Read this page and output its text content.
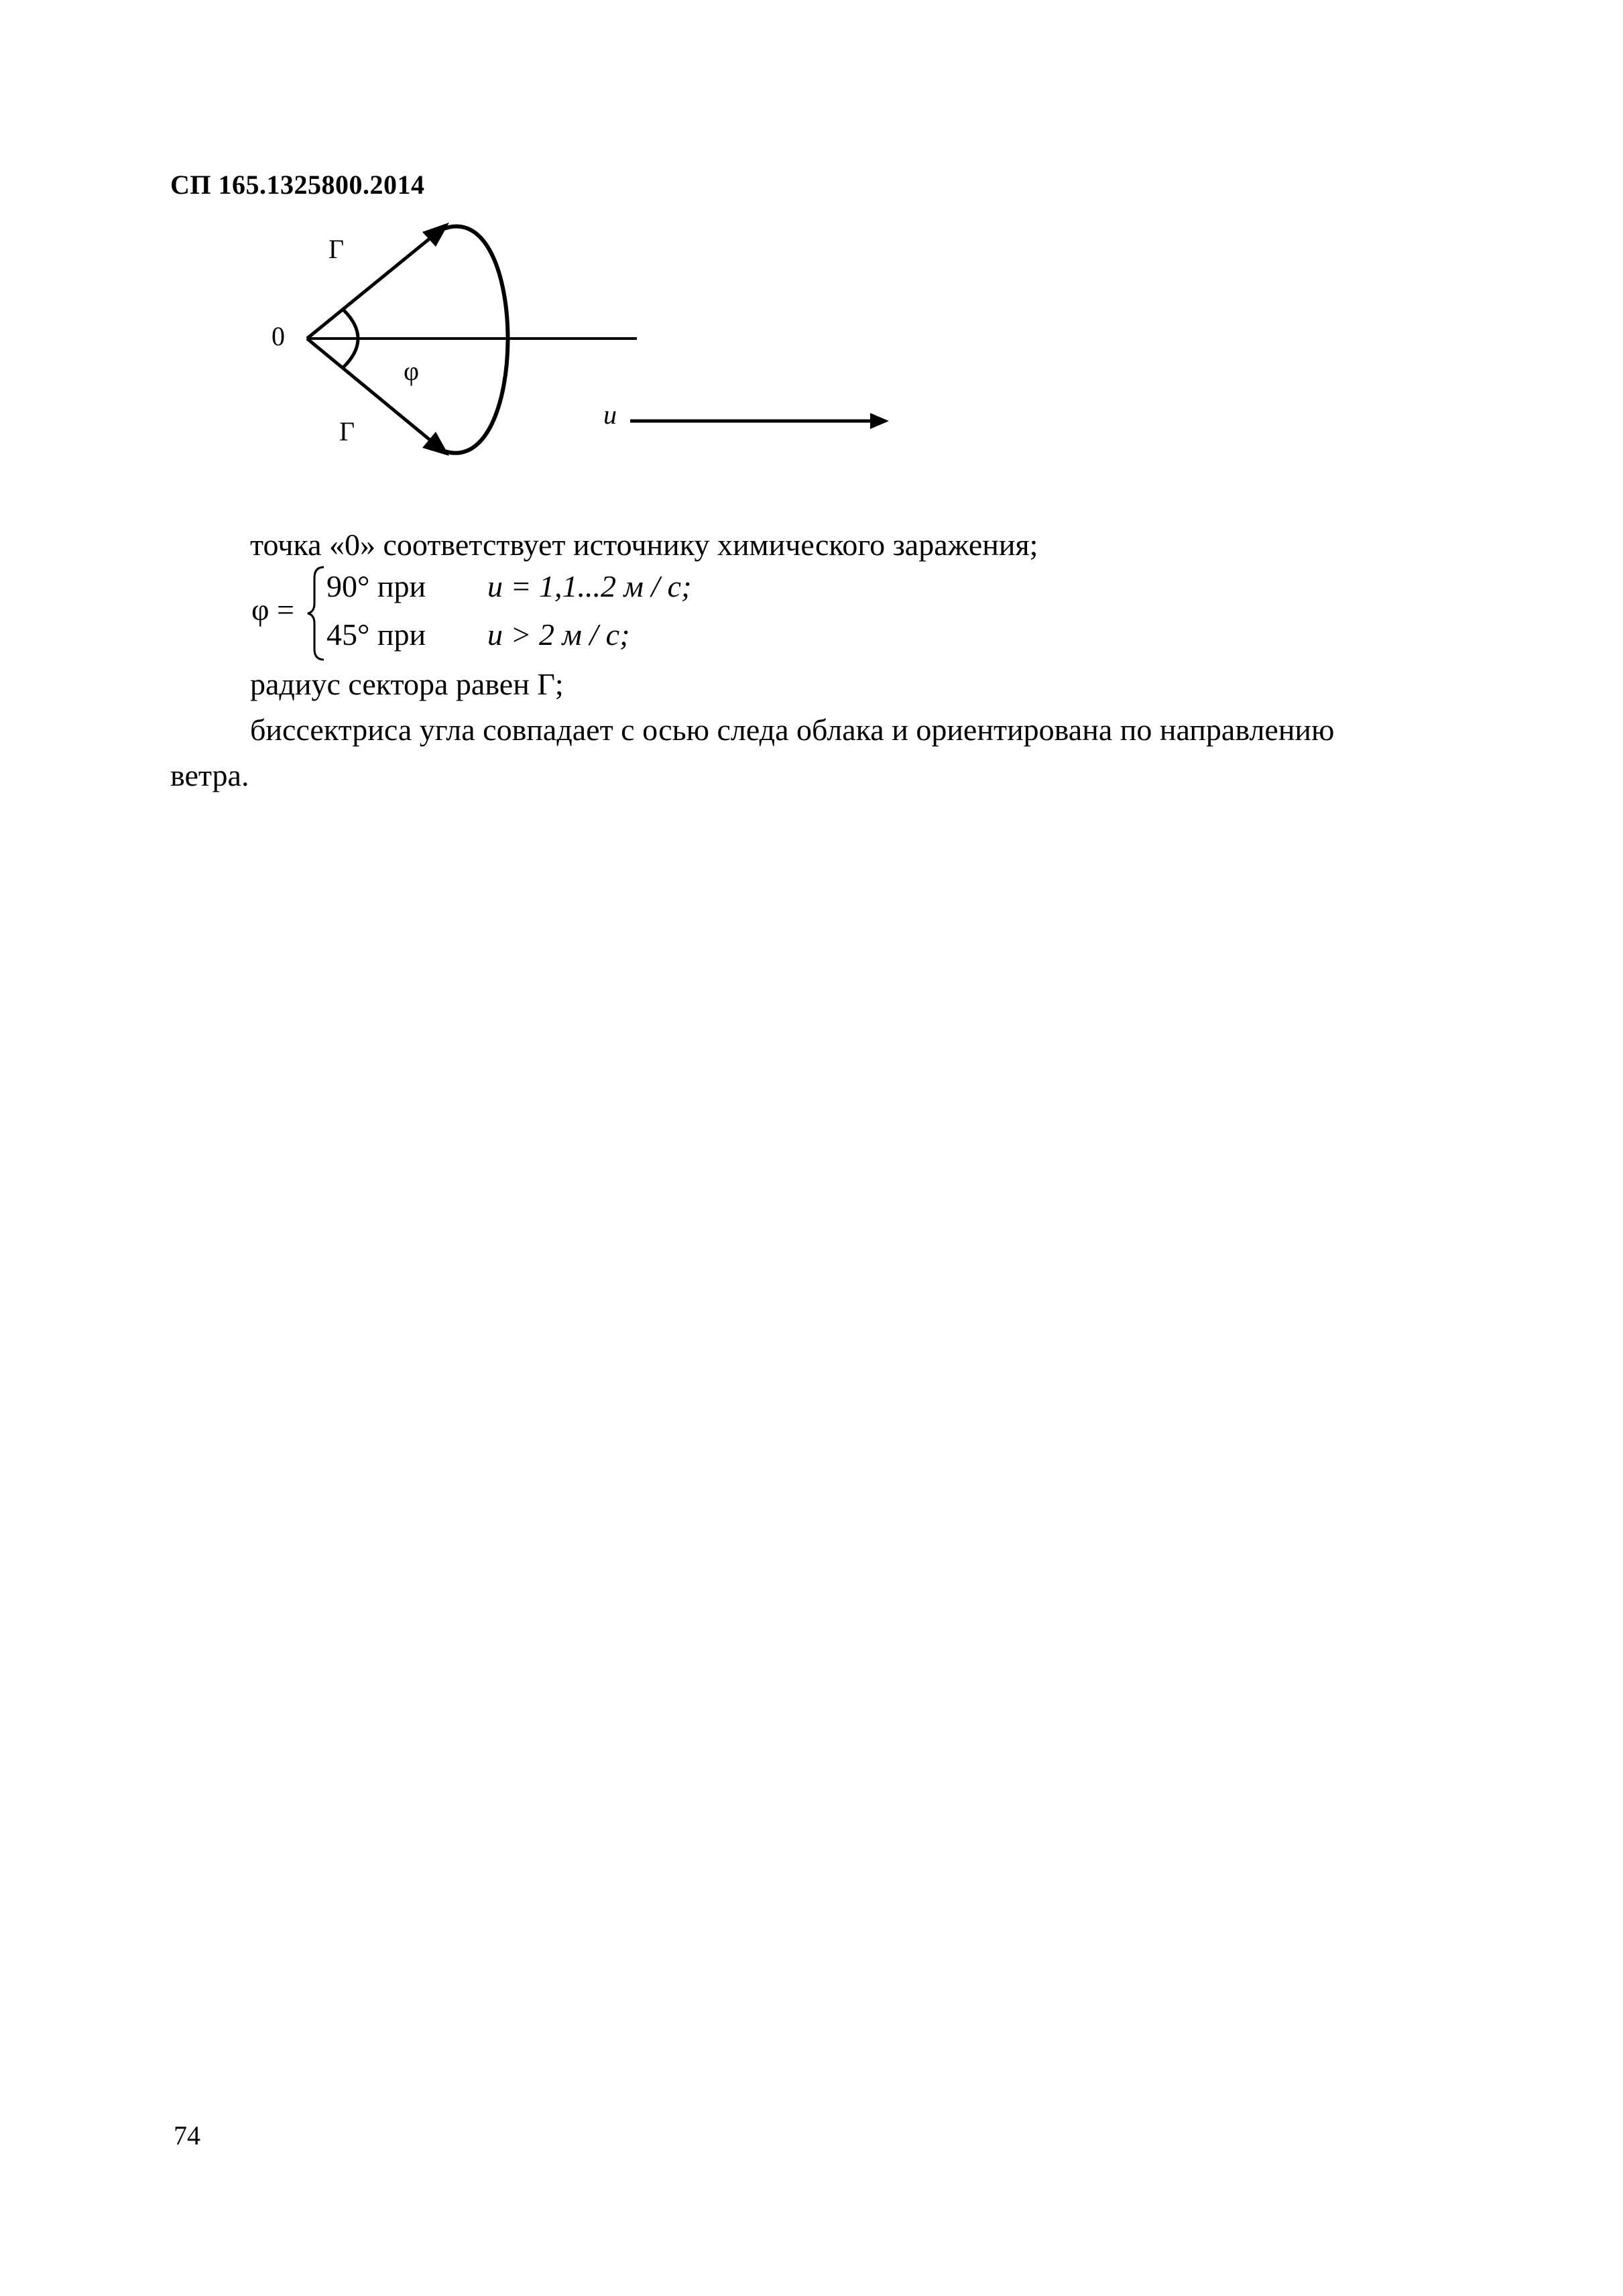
СП 165.1325800.2014
Г
0
φ
Г
u
точка «0» соответствует источнику химического заражения;
φ =
90° при u = 1,1...2 м / с;
45° при u > 2 м / с;
радиус сектора равен Г;
биссектриса угла совпадает с осью следа облака и ориентирована по направлению
ветра.
74
